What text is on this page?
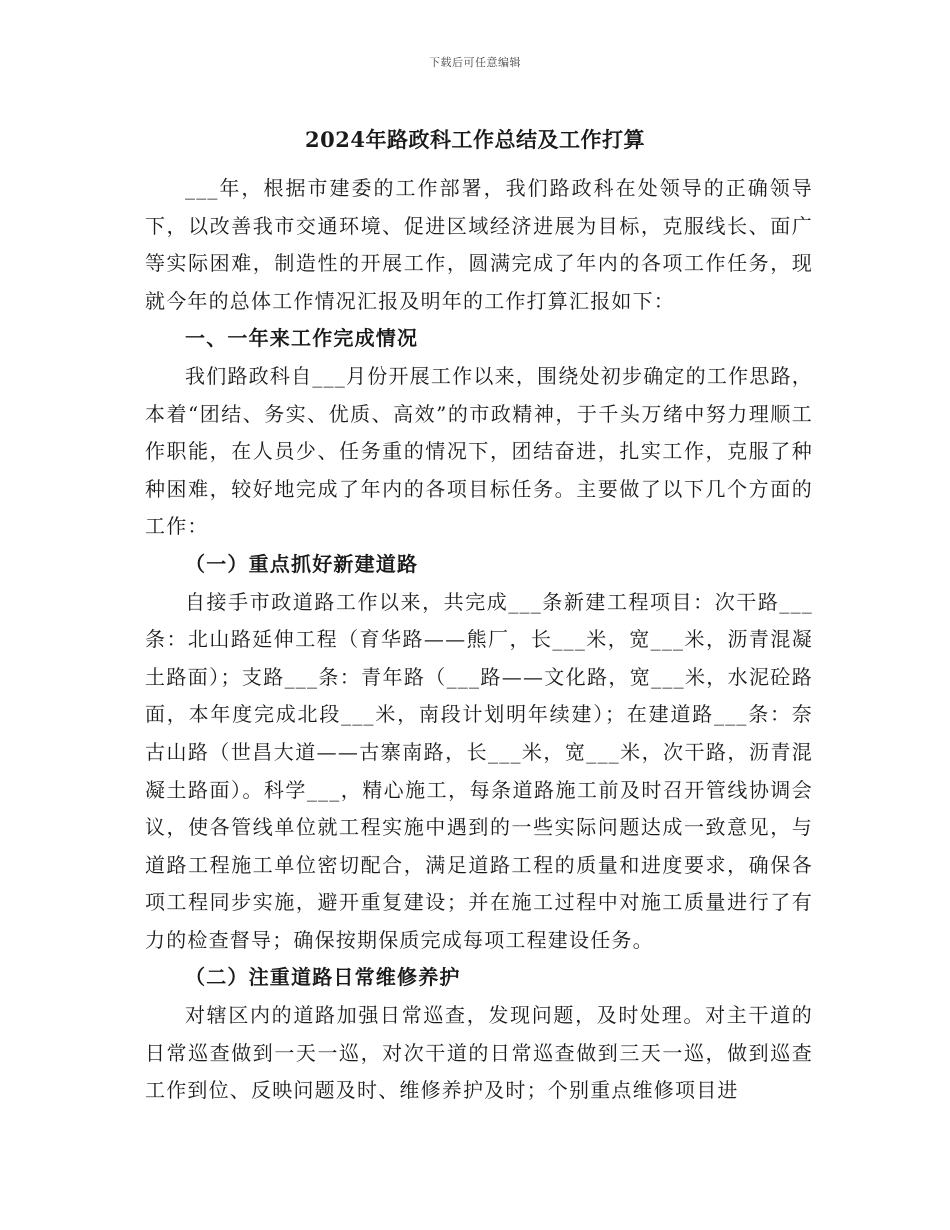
下载后可任意编辑
2024年路政科工作总结及工作打算

___年，根据市建委的工作部署，我们路政科在处领导的正确领导下，以改善我市交通环境、促进区域经济进展为目标，克服线长、面广等实际困难，制造性的开展工作，圆满完成了年内的各项工作任务，现就今年的总体工作情况汇报及明年的工作打算汇报如下：

一、一年来工作完成情况

我们路政科自___月份开展工作以来，围绕处初步确定的工作思路，本着“团结、务实、优质、高效”的市政精神，于千头万绪中努力理顺工作职能，在人员少、任务重的情况下，团结奋进，扎实工作，克服了种种困难，较好地完成了年内的各项目标任务。主要做了以下几个方面的工作：

（一）重点抓好新建道路

自接手市政道路工作以来，共完成___条新建工程项目：次干路___条：北山路延伸工程（育华路——熊厂，长___米，宽___米，沥青混凝土路面）；支路___条：青年路（___路——文化路，宽___米，水泥砼路面，本年度完成北段___米，南段计划明年续建）；在建道路___条：奈古山路（世昌大道——古寨南路，长___米，宽___米，次干路，沥青混凝土路面）。科学___，精心施工，每条道路施工前及时召开管线协调会议，使各管线单位就工程实施中遇到的一些实际问题达成一致意见，与道路工程施工单位密切配合，满足道路工程的质量和进度要求，确保各项工程同步实施，避开重复建设；并在施工过程中对施工质量进行了有力的检查督导；确保按期保质完成每项工程建设任务。

（二）注重道路日常维修养护

对辖区内的道路加强日常巡查，发现问题，及时处理。对主干道的日常巡查做到一天一巡，对次干道的日常巡查做到三天一巡，做到巡查工作到位、反映问题及时、维修养护及时；个别重点维修项目进
